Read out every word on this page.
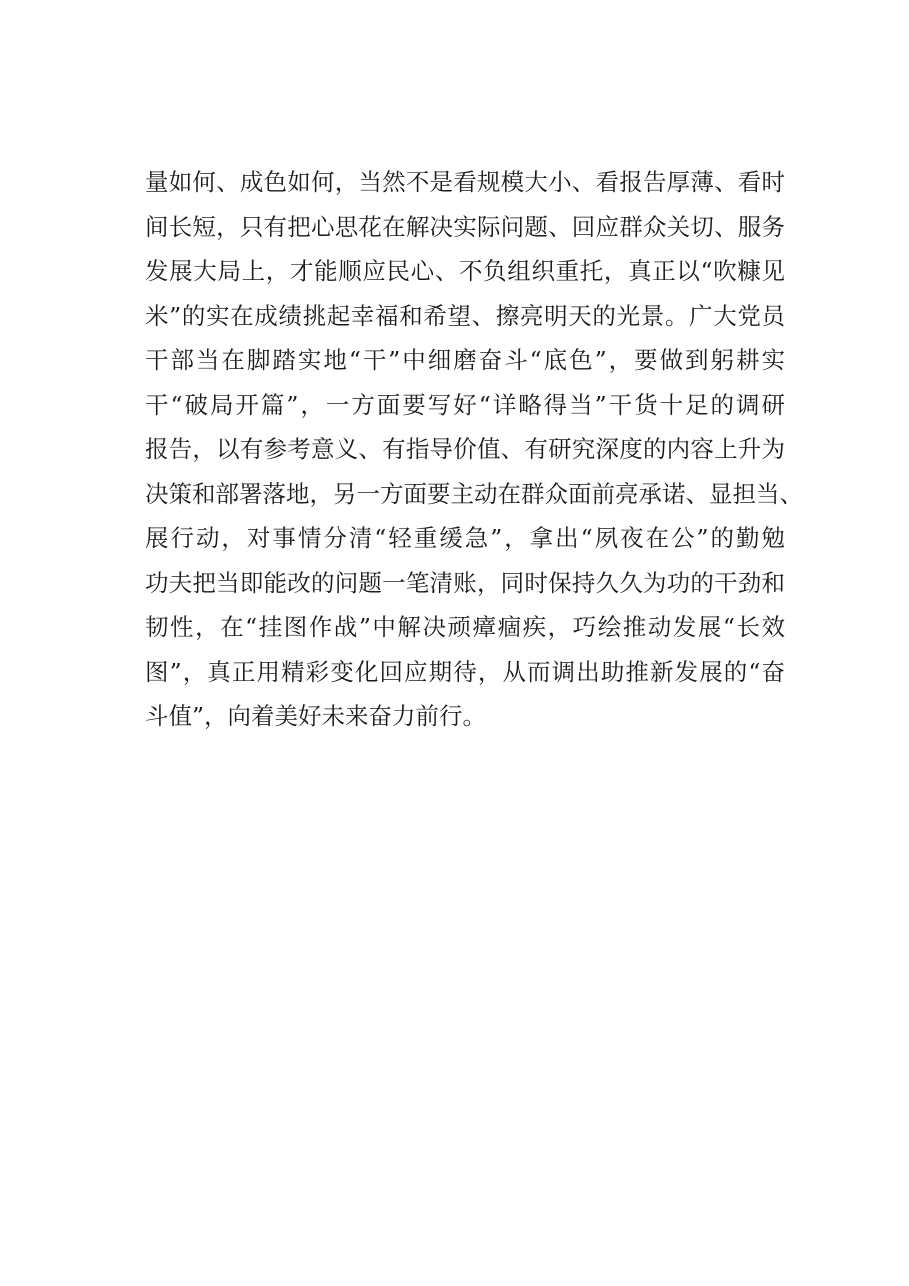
量如何、成色如何，当然不是看规模大小、看报告厚薄、看时
间长短，只有把心思花在解决实际问题、回应群众关切、服务
发展大局上，才能顺应民心、不负组织重托，真正以“吹糠见
米”的实在成绩挑起幸福和希望、擦亮明天的光景。广大党员
干部当在脚踏实地“干”中细磨奋斗“底色”，要做到躬耕实
干“破局开篇”，一方面要写好“详略得当”干货十足的调研
报告，以有参考意义、有指导价值、有研究深度的内容上升为
决策和部署落地，另一方面要主动在群众面前亮承诺、显担当、
展行动，对事情分清“轻重缓急”，拿出“夙夜在公”的勤勉
功夫把当即能改的问题一笔清账，同时保持久久为功的干劲和
韧性，在“挂图作战”中解决顽瘴痼疾，巧绘推动发展“长效
图”，真正用精彩变化回应期待，从而调出助推新发展的“奋
斗值”，向着美好未来奋力前行。
